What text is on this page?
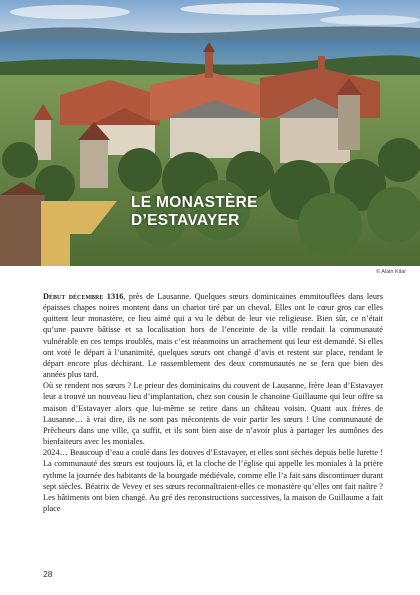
LE MONASTÈRE
D’ESTAVAYER
© Alain Kilar

Début décembre 1316, près de Lausanne. Quelques sœurs dominicaines emmitouflées dans leurs épaisses chapes noires montent dans un chariot tiré par un cheval. Elles ont le cœur gros car elles quittent leur monastère, ce lieu aimé qui a vu le début de leur vie religieuse. Bien sûr, ce n’était qu’une pauvre bâtisse et sa localisation hors de l’enceinte de la ville rendait la communauté vulnérable en ces temps troublés, mais c’est néanmoins un arrachement qui leur est demandé. Si elles ont voté le départ à l’unanimité, quelques sœurs ont changé d’avis et restent sur place, rendant le départ encore plus déchirant. Le rassemblement des deux communautés ne se fera que bien des années plus tard.

Où se rendent nos sœurs ? Le prieur des dominicains du couvent de Lausanne, frère Jean d’Estavayer leur a trouvé un nouveau lieu d’implantation, chez son cousin le chanoine Guillaume qui leur offre sa maison d’Estavayer alors que lui-même se retire dans un château voisin. Quant aux frères de Lausanne… à vrai dire, ils ne sont pas mécontents de voir partir les sœurs ! Une communauté de Prêcheurs dans une ville, ça suffit, et ils sont bien aise de n’avoir plus à partager les aumônes des bienfaiteurs avec les moniales.

2024… Beaucoup d’eau a coulé dans les douves d’Estavayer, et elles sont sèches depuis belle lurette ! La communauté des sœurs est toujours là, et la cloche de l’église qui appelle les moniales à la prière rythme la journée des habitants de la bourgade médiévale, comme elle l’a fait sans discontinuer durant sept siècles. Béatrix de Vevey et ses sœurs reconnaîtraient-elles ce monastère qu’elles ont fait naître ? Les bâtiments ont bien changé. Au gré des reconstructions successives, la maison de Guillaume a fait place

28
